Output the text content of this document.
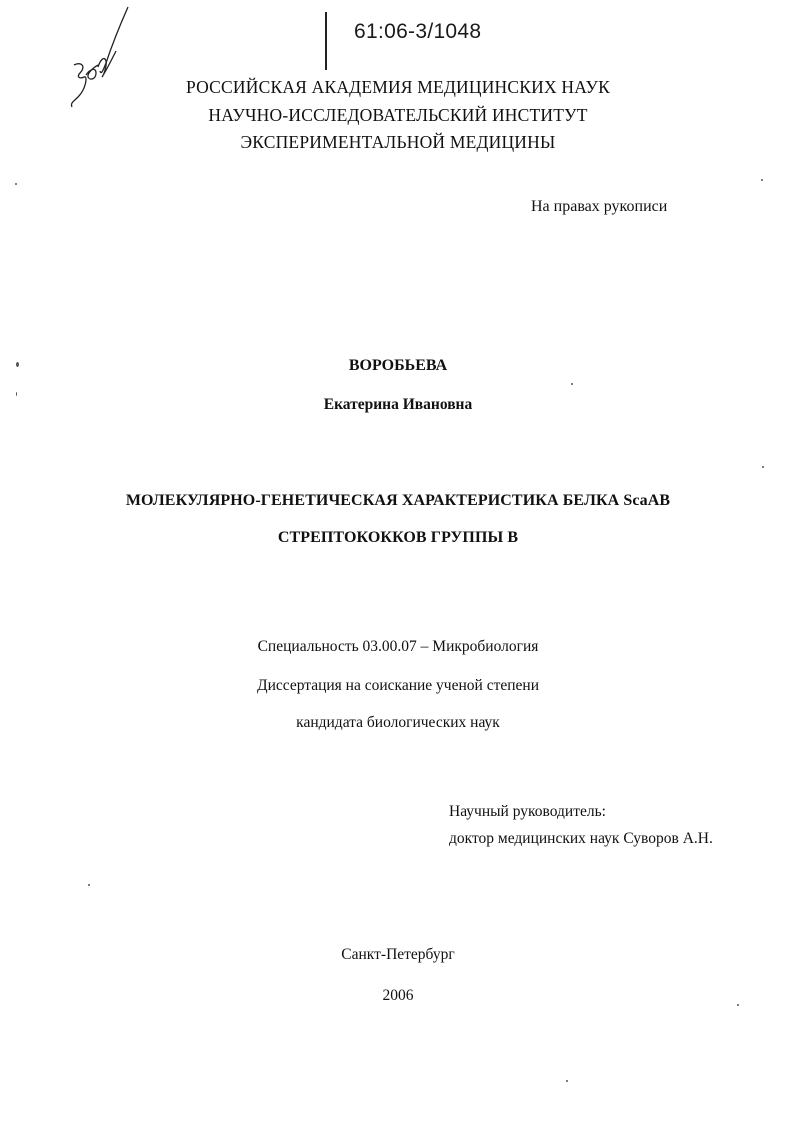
61:06-3/1048
РОССИЙСКАЯ АКАДЕМИЯ МЕДИЦИНСКИХ НАУК
НАУЧНО-ИССЛЕДОВАТЕЛЬСКИЙ ИНСТИТУТ
ЭКСПЕРИМЕНТАЛЬНОЙ МЕДИЦИНЫ
На правах рукописи
ВОРОБЬЕВА
Екатерина Ивановна
МОЛЕКУЛЯРНО-ГЕНЕТИЧЕСКАЯ ХАРАКТЕРИСТИКА БЕЛКА ScaAB
СТРЕПТОКОККОВ ГРУППЫ В
Специальность 03.00.07 – Микробиология
Диссертация на соискание ученой степени
кандидата биологических наук
Научный руководитель:
доктор медицинских наук Суворов А.Н.
Санкт-Петербург
2006
